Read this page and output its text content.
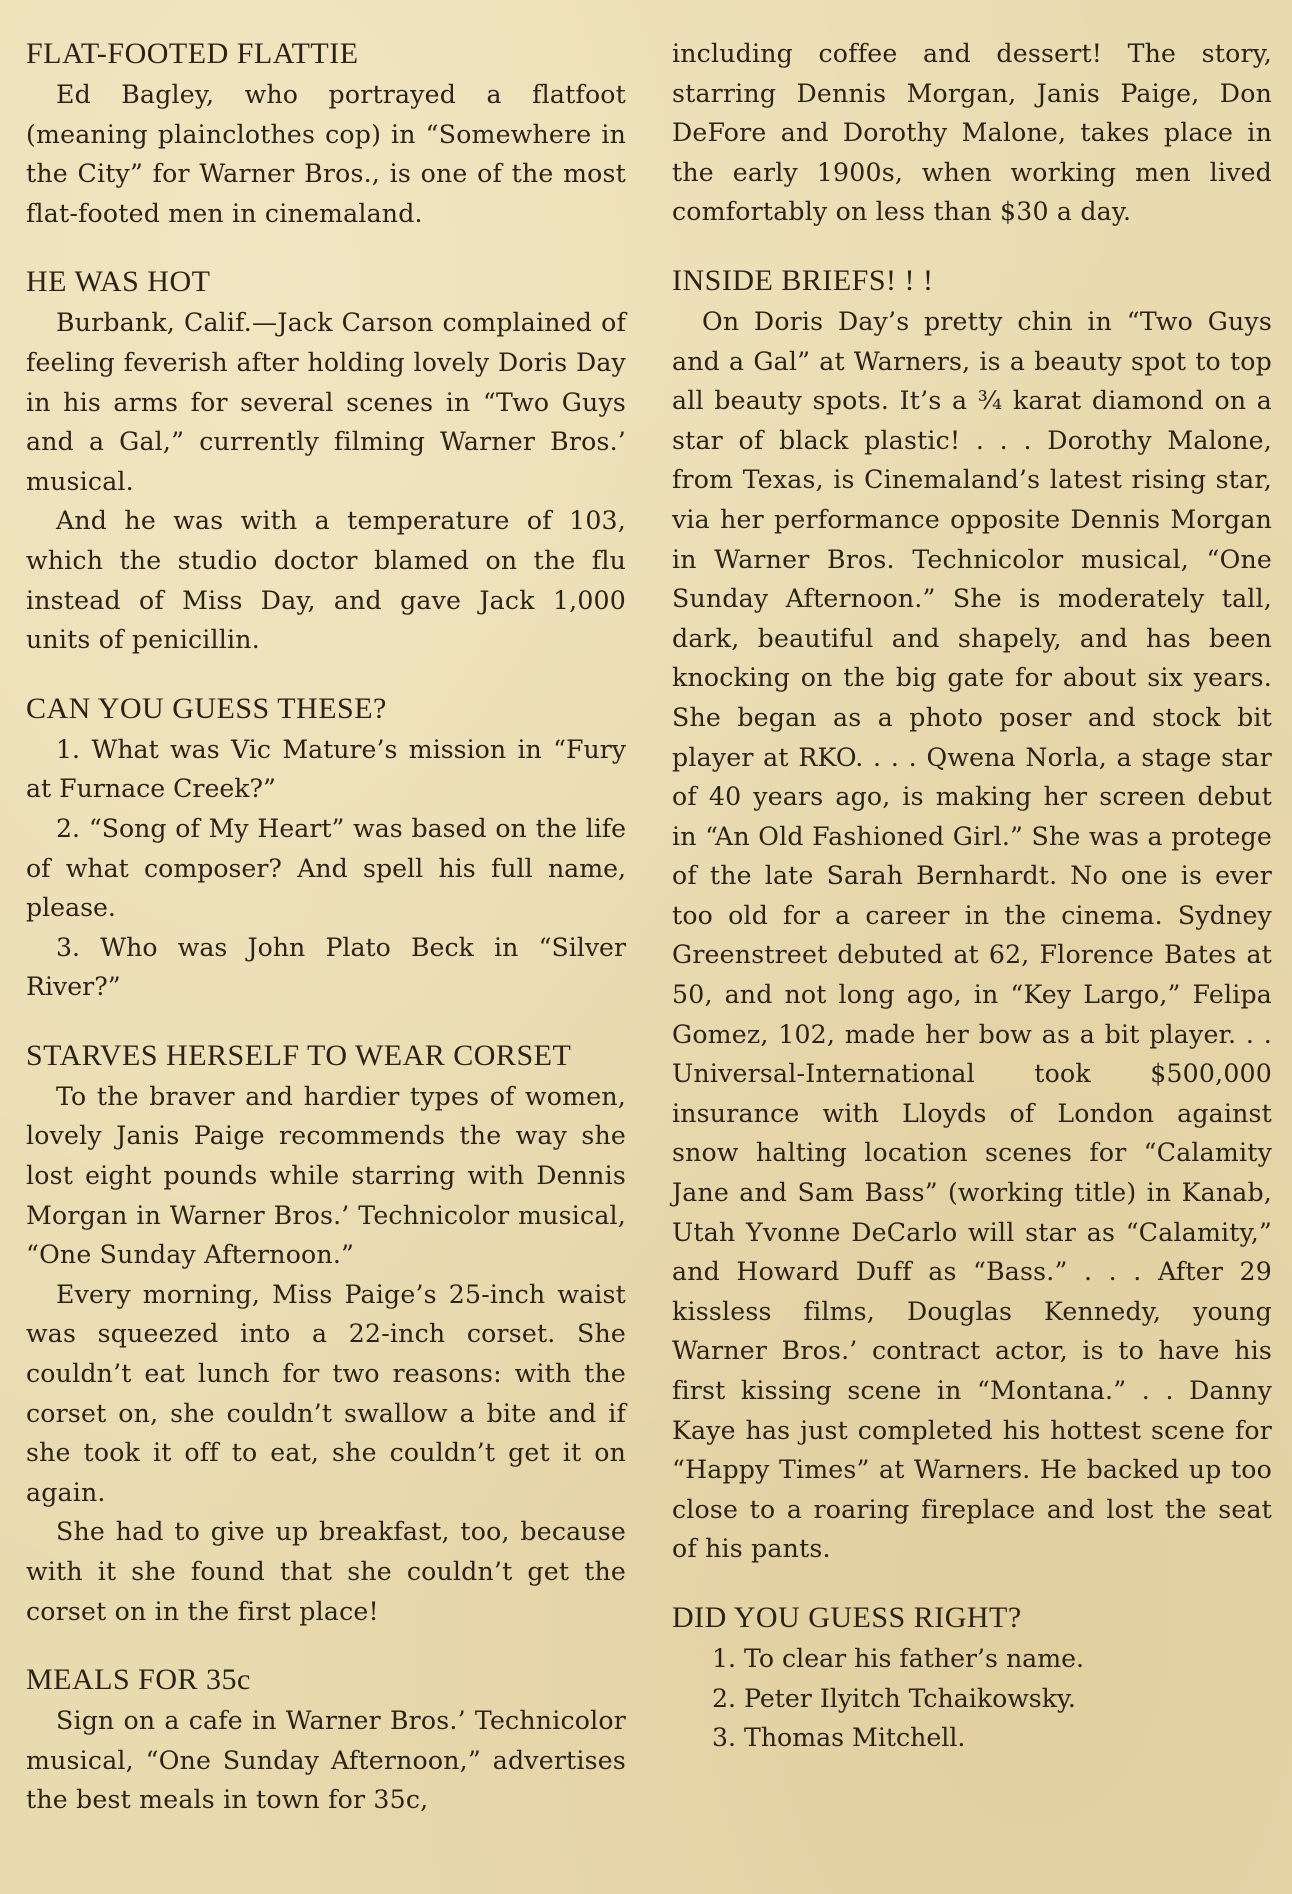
FLAT-FOOTED FLATTIE

Ed Bagley, who portrayed a flatfoot (meaning plainclothes cop) in “Somewhere in the City” for Warner Bros., is one of the most flat-footed men in cinemaland.

HE WAS HOT

Burbank, Calif.—Jack Carson complained of feeling feverish after holding lovely Doris Day in his arms for several scenes in “Two Guys and a Gal,” currently filming Warner Bros.’ musical.

And he was with a temperature of 103, which the studio doctor blamed on the flu instead of Miss Day, and gave Jack 1,000 units of penicillin.

CAN YOU GUESS THESE?

1. What was Vic Mature’s mission in “Fury at Furnace Creek?”

2. “Song of My Heart” was based on the life of what composer? And spell his full name, please.

3. Who was John Plato Beck in “Silver River?”

STARVES HERSELF TO WEAR CORSET

To the braver and hardier types of women, lovely Janis Paige recommends the way she lost eight pounds while starring with Dennis Morgan in Warner Bros.’ Technicolor musical, “One Sunday Afternoon.”

Every morning, Miss Paige’s 25-inch waist was squeezed into a 22-inch corset. She couldn’t eat lunch for two reasons: with the corset on, she couldn’t swallow a bite and if she took it off to eat, she couldn’t get it on again.

She had to give up breakfast, too, because with it she found that she couldn’t get the corset on in the first place!

MEALS FOR 35c

Sign on a cafe in Warner Bros.’ Technicolor musical, “One Sunday Afternoon,” advertises the best meals in town for 35c,

including coffee and dessert! The story, starring Dennis Morgan, Janis Paige, Don DeFore and Dorothy Malone, takes place in the early 1900s, when working men lived comfortably on less than $30 a day.

INSIDE BRIEFS! ! !

On Doris Day’s pretty chin in “Two Guys and a Gal” at Warners, is a beauty spot to top all beauty spots. It’s a ¾ karat diamond on a star of black plastic! . . . Dorothy Malone, from Texas, is Cinemaland’s latest rising star, via her performance opposite Dennis Morgan in Warner Bros. Technicolor musical, “One Sunday Afternoon.” She is moderately tall, dark, beautiful and shapely, and has been knocking on the big gate for about six years. She began as a photo poser and stock bit player at RKO. . . . Qwena Norla, a stage star of 40 years ago, is making her screen debut in “An Old Fashioned Girl.” She was a protege of the late Sarah Bernhardt. No one is ever too old for a career in the cinema. Sydney Greenstreet debuted at 62, Florence Bates at 50, and not long ago, in “Key Largo,” Felipa Gomez, 102, made her bow as a bit player. . . Universal-International took $500,000 insurance with Lloyds of London against snow halting location scenes for “Calamity Jane and Sam Bass” (working title) in Kanab, Utah Yvonne DeCarlo will star as “Calamity,” and Howard Duff as “Bass.” . . . After 29 kissless films, Douglas Kennedy, young Warner Bros.’ contract actor, is to have his first kissing scene in “Montana.” . . Danny Kaye has just completed his hottest scene for “Happy Times” at Warners. He backed up too close to a roaring fireplace and lost the seat of his pants.

DID YOU GUESS RIGHT?

1. To clear his father’s name.

2. Peter Ilyitch Tchaikowsky.

3. Thomas Mitchell.
